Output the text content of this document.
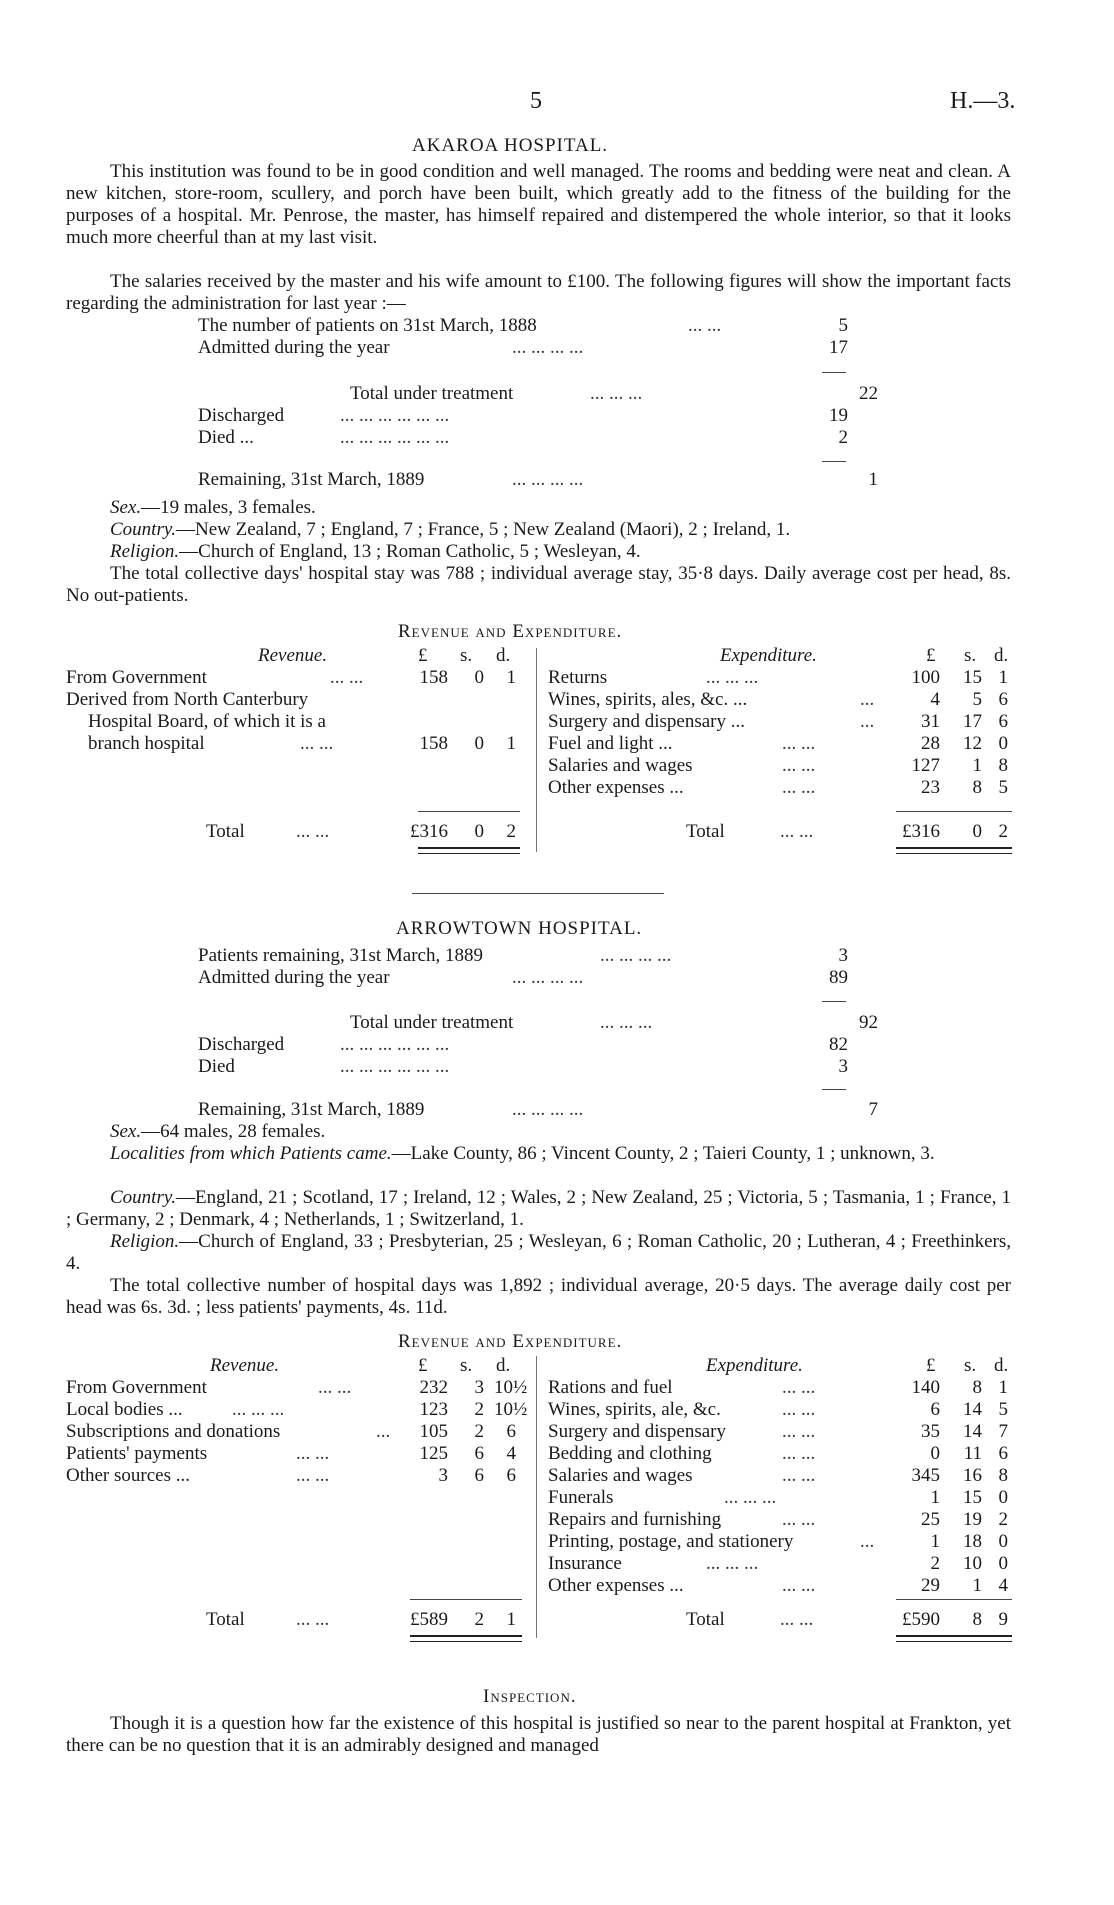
5	H.—3.
AKAROA HOSPITAL.
This institution was found to be in good condition and well managed. The rooms and bedding were neat and clean. A new kitchen, store-room, scullery, and porch have been built, which greatly add to the fitness of the building for the purposes of a hospital. Mr. Penrose, the master, has himself repaired and distempered the whole interior, so that it looks much more cheerful than at my last visit.
The salaries received by the master and his wife amount to £100. The following figures will show the important facts regarding the administration for last year :—
The number of patients on 31st March, 1888	... ...	5
Admitted during the year	... ... ... ...	17
Total under treatment	... ... ...	22
Discharged	... ... ... ... ... ...	19
Died ...	... ... ... ... ... ...	2
Remaining, 31st March, 1889	... ... ... ...	1
Sex.—19 males, 3 females.
Country.—New Zealand, 7 ; England, 7 ; France, 5 ; New Zealand (Maori), 2 ; Ireland, 1.
Religion.—Church of England, 13 ; Roman Catholic, 5 ; Wesleyan, 4.
The total collective days' hospital stay was 788 ; individual average stay, 35·8 days. Daily average cost per head, 8s. No out-patients.
Revenue and Expenditure.
Revenue.	£ s. d.
From Government	... ...	158	0	1
Derived from North Canterbury
Hospital Board, of which it is a
branch hospital	... ...	158	0	1
Total	... ...	£316	0	2
Expenditure.	£ s. d.
Returns	... ... ...	100	15 1
Wines, spirits, ales, &c. ...	...	4	5 6
Surgery and dispensary ...	...	31	17 6
Fuel and light ...	... ...	28	12 0
Salaries and wages	... ...	127	1 8
Other expenses ...	... ...	23	8 5
Total	... ...	£316	0 2
ARROWTOWN HOSPITAL.
Patients remaining, 31st March, 1889	... ... ... ...	3
Admitted during the year	... ... ... ...	89
Total under treatment	... ... ...	92
Discharged	... ... ... ... ... ...	82
Died	... ... ... ... ... ...	3
Remaining, 31st March, 1889	... ... ... ...	7
Sex.—64 males, 28 females.
Localities from which Patients came.—Lake County, 86 ; Vincent County, 2 ; Taieri County, 1 ; unknown, 3.
Country.—England, 21 ; Scotland, 17 ; Ireland, 12 ; Wales, 2 ; New Zealand, 25 ; Victoria, 5 ; Tasmania, 1 ; France, 1 ; Germany, 2 ; Denmark, 4 ; Netherlands, 1 ; Switzerland, 1.
Religion.—Church of England, 33 ; Presbyterian, 25 ; Wesleyan, 6 ; Roman Catholic, 20 ; Lutheran, 4 ; Freethinkers, 4.
The total collective number of hospital days was 1,892 ; individual average, 20·5 days. The average daily cost per head was 6s. 3d. ; less patients' payments, 4s. 11d.
Revenue and Expenditure.
Revenue.	£ s. d.
From Government	... ...	232	3 10½
Local bodies ...	... ... ...	123	2 10½
Subscriptions and donations	...	105	2	6
Patients' payments	... ...	125	6	4
Other sources ...	... ...	3	6	6
Total	... ...	£589	2	1
Expenditure.	£ s. d.
Rations and fuel	... ...	140	8 1
Wines, spirits, ale, &c.	... ...	6	14 5
Surgery and dispensary	... ...	35	14 7
Bedding and clothing	... ...	0	11 6
Salaries and wages	... ...	345	16 8
Funerals	... ... ...	1	15 0
Repairs and furnishing	... ...	25	19 2
Printing, postage, and stationery	...	1	18 0
Insurance	... ... ...	2	10 0
Other expenses ...	... ...	29	1 4
Total	... ...	£590	8 9
Inspection.
Though it is a question how far the existence of this hospital is justified so near to the parent hospital at Frankton, yet there can be no question that it is an admirably designed and managed
